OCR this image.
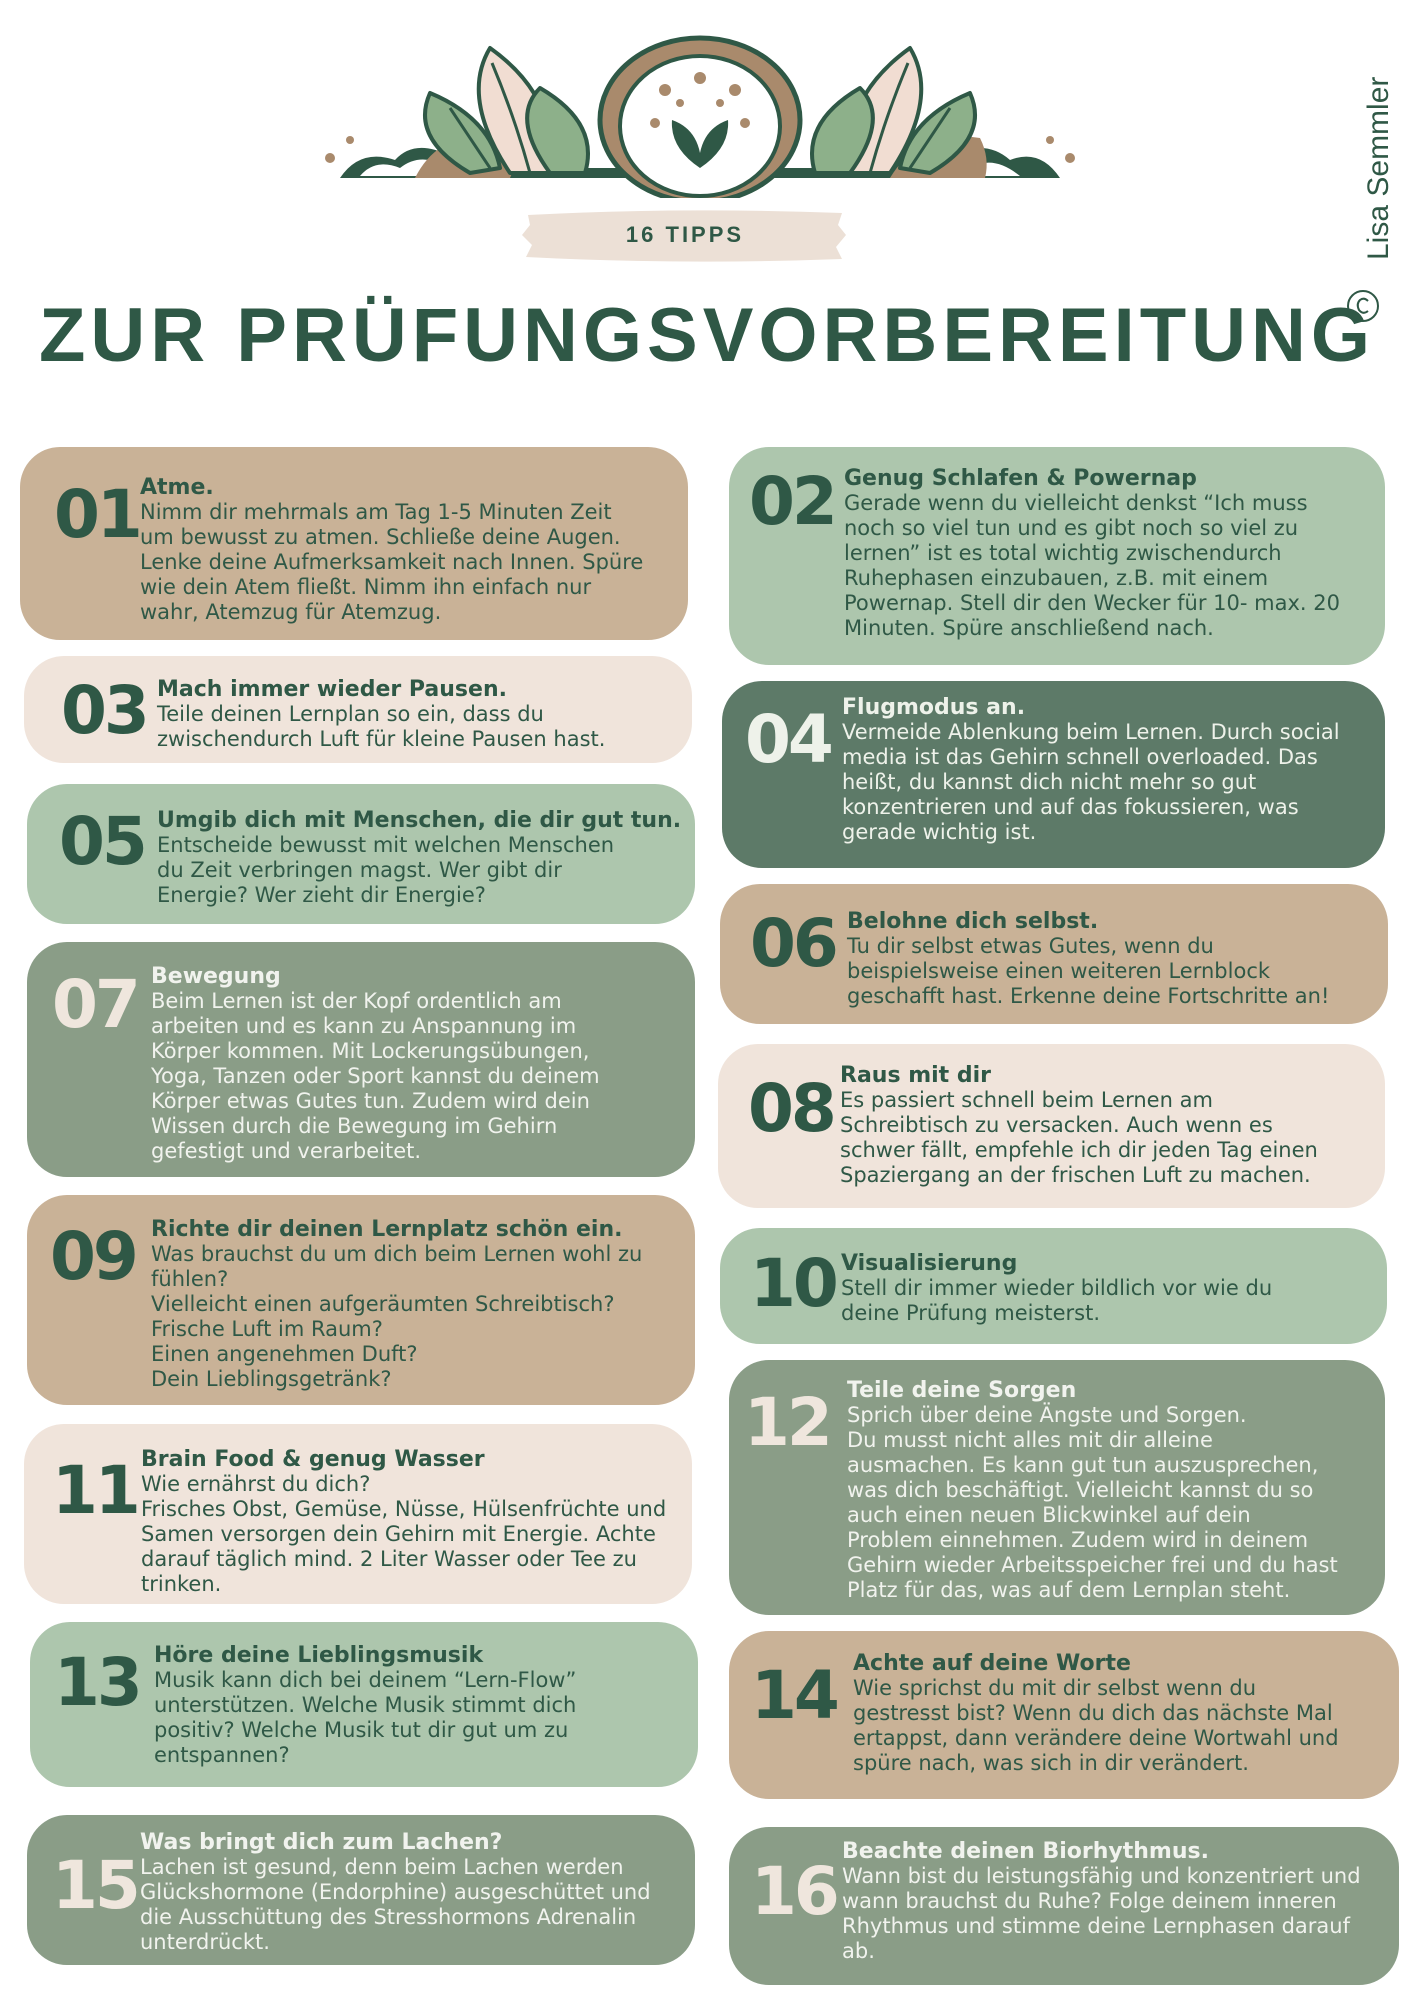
16 TIPPS
ZUR PRÜFUNGSVORBEREITUNG
Lisa Semmler
01 Atme.
Nimm dir mehrmals am Tag 1-5 Minuten Zeit
um bewusst zu atmen. Schließe deine Augen.
Lenke deine Aufmerksamkeit nach Innen. Spüre
wie dein Atem fließt. Nimm ihn einfach nur
wahr, Atemzug für Atemzug.
03 Mach immer wieder Pausen.
Teile deinen Lernplan so ein, dass du
zwischendurch Luft für kleine Pausen hast.
05 Umgib dich mit Menschen, die dir gut tun.
Entscheide bewusst mit welchen Menschen
du Zeit verbringen magst. Wer gibt dir
Energie? Wer zieht dir Energie?
07 Bewegung
Beim Lernen ist der Kopf ordentlich am
arbeiten und es kann zu Anspannung im
Körper kommen. Mit Lockerungsübungen,
Yoga, Tanzen oder Sport kannst du deinem
Körper etwas Gutes tun. Zudem wird dein
Wissen durch die Bewegung im Gehirn
gefestigt und verarbeitet.
09 Richte dir deinen Lernplatz schön ein.
Was brauchst du um dich beim Lernen wohl zu
fühlen?
Vielleicht einen aufgeräumten Schreibtisch?
Frische Luft im Raum?
Einen angenehmen Duft?
Dein Lieblingsgetränk?
11 Brain Food & genug Wasser
Wie ernährst du dich?
Frisches Obst, Gemüse, Nüsse, Hülsenfrüchte und
Samen versorgen dein Gehirn mit Energie. Achte
darauf täglich mind. 2 Liter Wasser oder Tee zu
trinken.
13 Höre deine Lieblingsmusik
Musik kann dich bei deinem “Lern-Flow”
unterstützen. Welche Musik stimmt dich
positiv? Welche Musik tut dir gut um zu
entspannen?
15
Was bringt dich zum Lachen?
Lachen ist gesund, denn beim Lachen werden
Glückshormone (Endorphine) ausgeschüttet und
die Ausschüttung des Stresshormons Adrenalin
unterdrückt.
02 Genug Schlafen & Powernap
Gerade wenn du vielleicht denkst “Ich muss
noch so viel tun und es gibt noch so viel zu
lernen” ist es total wichtig zwischendurch
Ruhephasen einzubauen, z.B. mit einem
Powernap. Stell dir den Wecker für 10- max. 20
Minuten. Spüre anschließend nach.
04 Flugmodus an.
Vermeide Ablenkung beim Lernen. Durch social
media ist das Gehirn schnell overloaded. Das
heißt, du kannst dich nicht mehr so gut
konzentrieren und auf das fokussieren, was
gerade wichtig ist.
06 Belohne dich selbst.
Tu dir selbst etwas Gutes, wenn du
beispielsweise einen weiteren Lernblock
geschafft hast. Erkenne deine Fortschritte an!
08 Raus mit dir
Es passiert schnell beim Lernen am
Schreibtisch zu versacken. Auch wenn es
schwer fällt, empfehle ich dir jeden Tag einen
Spaziergang an der frischen Luft zu machen.
10 Visualisierung
Stell dir immer wieder bildlich vor wie du
deine Prüfung meisterst.
12 Teile deine Sorgen
Sprich über deine Ängste und Sorgen.
Du musst nicht alles mit dir alleine
ausmachen. Es kann gut tun auszusprechen,
was dich beschäftigt. Vielleicht kannst du so
auch einen neuen Blickwinkel auf dein
Problem einnehmen. Zudem wird in deinem
Gehirn wieder Arbeitsspeicher frei und du hast
Platz für das, was auf dem Lernplan steht.
14 Achte auf deine Worte
Wie sprichst du mit dir selbst wenn du
gestresst bist? Wenn du dich das nächste Mal
ertappst, dann verändere deine Wortwahl und
spüre nach, was sich in dir verändert.
16
Beachte deinen Biorhythmus.
Wann bist du leistungsfähig und konzentriert und
wann brauchst du Ruhe? Folge deinem inneren
Rhythmus und stimme deine Lernphasen darauf
ab.
